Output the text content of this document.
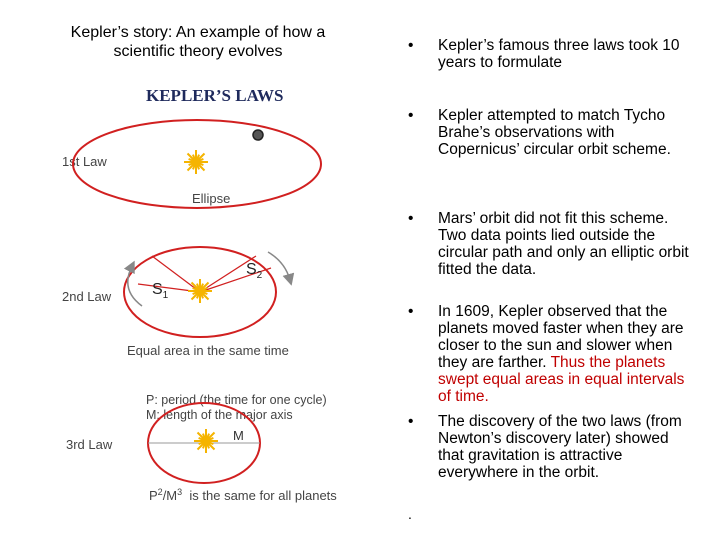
Kepler’s story: An example of how a scientific theory evolves
KEPLER’S LAWS
1st Law
Ellipse
2nd Law	$S_1$
$S_2$
Equal area in the same time
P: period (the time for one cycle)
M: length of the major axis
3rd Law
M
$P^2/M^3$  is the same for all planets
• Kepler’s famous three laws took 10 years to formulate
• Kepler attempted to match Tycho Brahe’s observations with Copernicus’ circular orbit scheme.
• Mars’ orbit did not fit this scheme. Two data points lied outside the circular path and only an elliptic orbit fitted the data.
• In 1609, Kepler observed that the planets moved faster when they are closer to the sun and slower when they are farther. Thus the planets swept equal areas in equal intervals of time.
• The discovery of the two laws (from Newton’s discovery later) showed that gravitation is attractive everywhere in the orbit.
.
